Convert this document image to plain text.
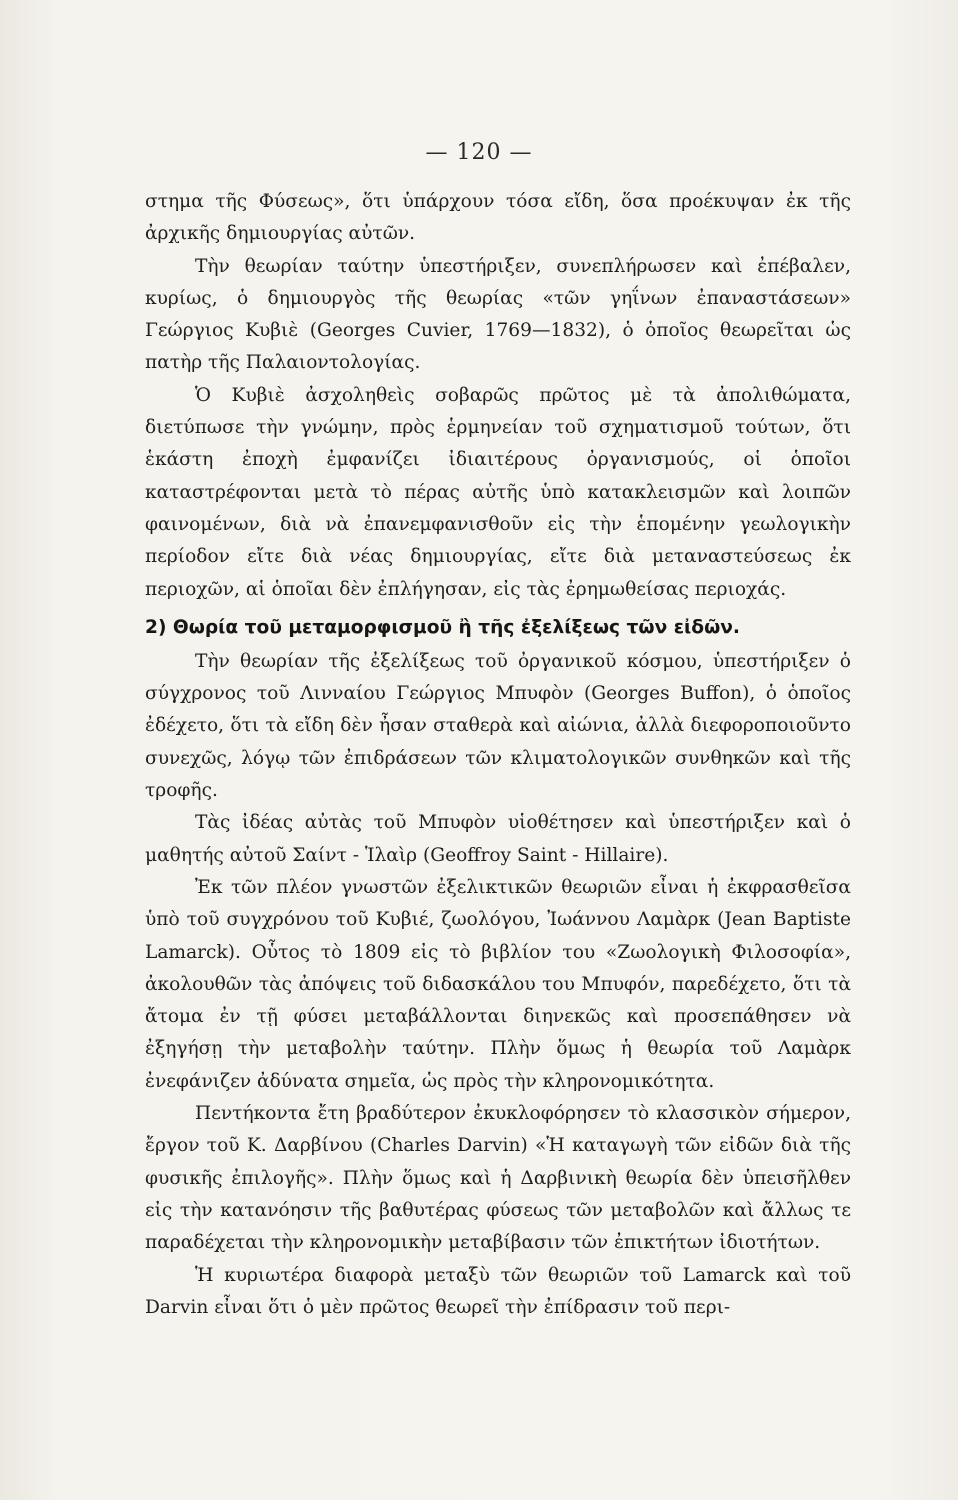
— 120 —

στημα τῆς Φύσεως», ὅτι ὑπάρχουν τόσα εἴδη, ὅσα προέκυψαν ἐκ τῆς ἀρχικῆς δημιουργίας αὐτῶν.

Τὴν θεωρίαν ταύτην ὑπεστήριξεν, συνεπλήρωσεν καὶ ἐπέβαλεν, κυρίως, ὁ δημιουργὸς τῆς θεωρίας «τῶν γηΐνων ἐπαναστάσεων» Γεώργιος Κυβιὲ (Georges Cuvier, 1769—1832), ὁ ὁποῖος θεωρεῖται ὡς πατὴρ τῆς Παλαιοντολογίας.

Ὁ Κυβιὲ ἀσχοληθεὶς σοβαρῶς πρῶτος μὲ τὰ ἀπολιθώματα, διετύπωσε τὴν γνώμην, πρὸς ἑρμηνείαν τοῦ σχηματισμοῦ τούτων, ὅτι ἑκάστη ἐποχὴ ἐμφανίζει ἰδιαιτέρους ὀργανισμούς, οἱ ὁποῖοι καταστρέφονται μετὰ τὸ πέρας αὐτῆς ὑπὸ κατακλεισμῶν καὶ λοιπῶν φαινομένων, διὰ νὰ ἐπανεμφανισθοῦν εἰς τὴν ἑπομένην γεωλογικὴν περίοδον εἴτε διὰ νέας δημιουργίας, εἴτε διὰ μεταναστεύσεως ἐκ περιοχῶν, αἱ ὁποῖαι δὲν ἐπλήγησαν, εἰς τὰς ἐρημωθείσας περιοχάς.

2) Θωρία τοῦ μεταμορφισμοῦ ἢ τῆς ἐξελίξεως τῶν εἰδῶν.

Τὴν θεωρίαν τῆς ἐξελίξεως τοῦ ὀργανικοῦ κόσμου, ὑπεστήριξεν ὁ σύγχρονος τοῦ Λινναίου Γεώργιος Μπυφὸν (Georges Buffon), ὁ ὁποῖος ἐδέχετο, ὅτι τὰ εἴδη δὲν ἦσαν σταθερὰ καὶ αἰώνια, ἀλλὰ διεφοροποιοῦντο συνεχῶς, λόγῳ τῶν ἐπιδράσεων τῶν κλιματολογικῶν συνθηκῶν καὶ τῆς τροφῆς.

Τὰς ἰδέας αὐτὰς τοῦ Μπυφὸν υἱοθέτησεν καὶ ὑπεστήριξεν καὶ ὁ μαθητής αὐτοῦ Σαίντ - Ἱλαὶρ (Geoffroy Saint - Hillaire).

Ἐκ τῶν πλέον γνωστῶν ἐξελικτικῶν θεωριῶν εἶναι ἡ ἐκφρασθεῖσα ὑπὸ τοῦ συγχρόνου τοῦ Κυβιέ, ζωολόγου, Ἰωάννου Λαμὰρκ (Jean Baptiste Lamarck). Οὗτος τὸ 1809 εἰς τὸ βιβλίον του «Ζωολογικὴ Φιλοσοφία», ἀκολουθῶν τὰς ἀπόψεις τοῦ διδασκάλου του Μπυφόν, παρεδέχετο, ὅτι τὰ ἄτομα ἐν τῇ φύσει μεταβάλλονται διηνεκῶς καὶ προσεπάθησεν νὰ ἐξηγήσῃ τὴν μεταβολὴν ταύτην. Πλὴν ὅμως ἡ θεωρία τοῦ Λαμὰρκ ἐνεφάνιζεν ἀδύνατα σημεῖα, ὡς πρὸς τὴν κληρονομικότητα.

Πεντήκοντα ἔτη βραδύτερον ἐκυκλοφόρησεν τὸ κλασσικὸν σήμερον, ἔργον τοῦ Κ. Δαρβίνου (Charles Darvin) «Ἡ καταγωγὴ τῶν εἰδῶν διὰ τῆς φυσικῆς ἐπιλογῆς». Πλὴν ὅμως καὶ ἡ Δαρβινικὴ θεωρία δὲν ὑπεισῆλθεν εἰς τὴν κατανόησιν τῆς βαθυτέρας φύσεως τῶν μεταβολῶν καὶ ἄλλως τε παραδέχεται τὴν κληρονομικὴν μεταβίβασιν τῶν ἐπικτήτων ἰδιοτήτων.

Ἡ κυριωτέρα διαφορὰ μεταξὺ τῶν θεωριῶν τοῦ Lamarck καὶ τοῦ Darvin εἶναι ὅτι ὁ μὲν πρῶτος θεωρεῖ τὴν ἐπίδρασιν τοῦ περι-
